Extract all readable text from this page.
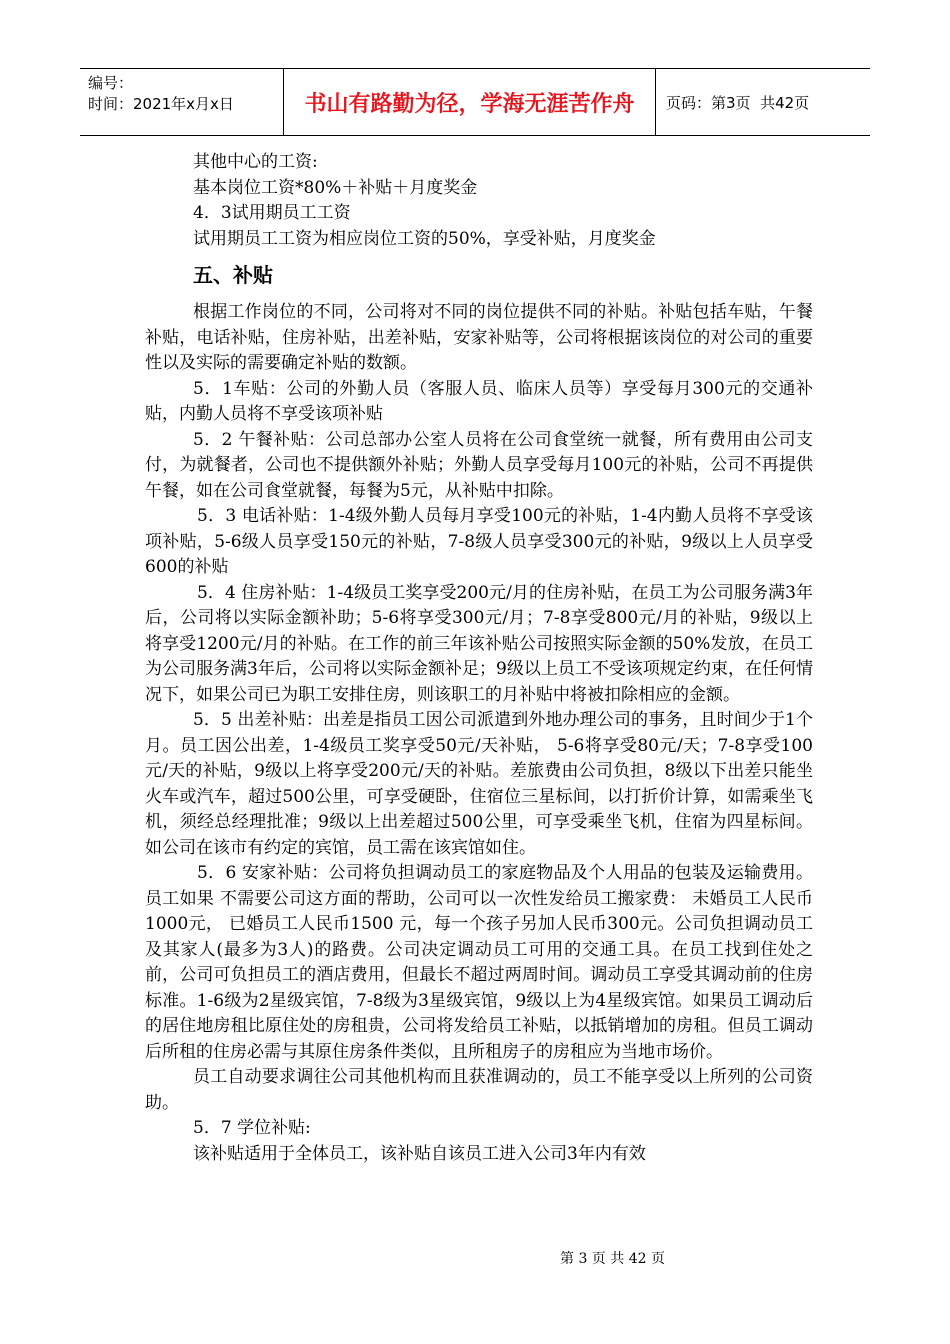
编号：
时间：2021年x月x日	书山有路勤为径，学海无涯苦作舟	页码：第3页  共42页

其他中心的工资:

基本岗位工资*80%＋补贴＋月度奖金

4．3试用期员工工资

试用期员工工资为相应岗位工资的50%，享受补贴，月度奖金

五、补贴

根据工作岗位的不同，公司将对不同的岗位提供不同的补贴。补贴包括车贴，午餐补贴，电话补贴，住房补贴，出差补贴，安家补贴等，公司将根据该岗位的对公司的重要性以及实际的需要确定补贴的数额。

5．1车贴：公司的外勤人员（客服人员、临床人员等）享受每月300元的交通补贴，内勤人员将不享受该项补贴

5．2 午餐补贴：公司总部办公室人员将在公司食堂统一就餐，所有费用由公司支付，为就餐者，公司也不提供额外补贴；外勤人员享受每月100元的补贴，公司不再提供午餐，如在公司食堂就餐，每餐为5元，从补贴中扣除。

5．3 电话补贴：1-4级外勤人员每月享受100元的补贴，1-4内勤人员将不享受该项补贴，5-6级人员享受150元的补贴，7-8级人员享受300元的补贴，9级以上人员享受600的补贴

5．4 住房补贴：1-4级员工奖享受200元/月的住房补贴，在员工为公司服务满3年后，公司将以实际金额补助；5-6将享受300元/月；7-8享受800元/月的补贴，9级以上将享受1200元/月的补贴。在工作的前三年该补贴公司按照实际金额的50%发放，在员工为公司服务满3年后，公司将以实际金额补足；9级以上员工不受该项规定约束，在任何情况下，如果公司已为职工安排住房，则该职工的月补贴中将被扣除相应的金额。

5．5 出差补贴：出差是指员工因公司派遣到外地办理公司的事务，且时间少于1个月。员工因公出差，1-4级员工奖享受50元/天补贴， 5-6将享受80元/天；7-8享受100元/天的补贴，9级以上将享受200元/天的补贴。差旅费由公司负担，8级以下出差只能坐火车或汽车，超过500公里，可享受硬卧，住宿位三星标间，以打折价计算，如需乘坐飞机，须经总经理批准；9级以上出差超过500公里，可享受乘坐飞机，住宿为四星标间。如公司在该市有约定的宾馆，员工需在该宾馆如住。

5．6 安家补贴：公司将负担调动员工的家庭物品及个人用品的包装及运输费用。员工如果 不需要公司这方面的帮助，公司可以一次性发给员工搬家费： 未婚员工人民币1000元， 已婚员工人民币1500 元，每一个孩子另加人民币300元。公司负担调动员工及其家人(最多为3人)的路费。公司决定调动员工可用的交通工具。在员工找到住处之前，公司可负担员工的酒店费用，但最长不超过两周时间。调动员工享受其调动前的住房标准。1-6级为2星级宾馆，7-8级为3星级宾馆，9级以上为4星级宾馆。如果员工调动后的居住地房租比原住处的房租贵，公司将发给员工补贴，以抵销增加的房租。但员工调动后所租的住房必需与其原住房条件类似，且所租房子的房租应为当地市场价。

员工自动要求调往公司其他机构而且获准调动的，员工不能享受以上所列的公司资助。

5．7 学位补贴:

该补贴适用于全体员工，该补贴自该员工进入公司3年内有效

第 3 页 共 42 页
